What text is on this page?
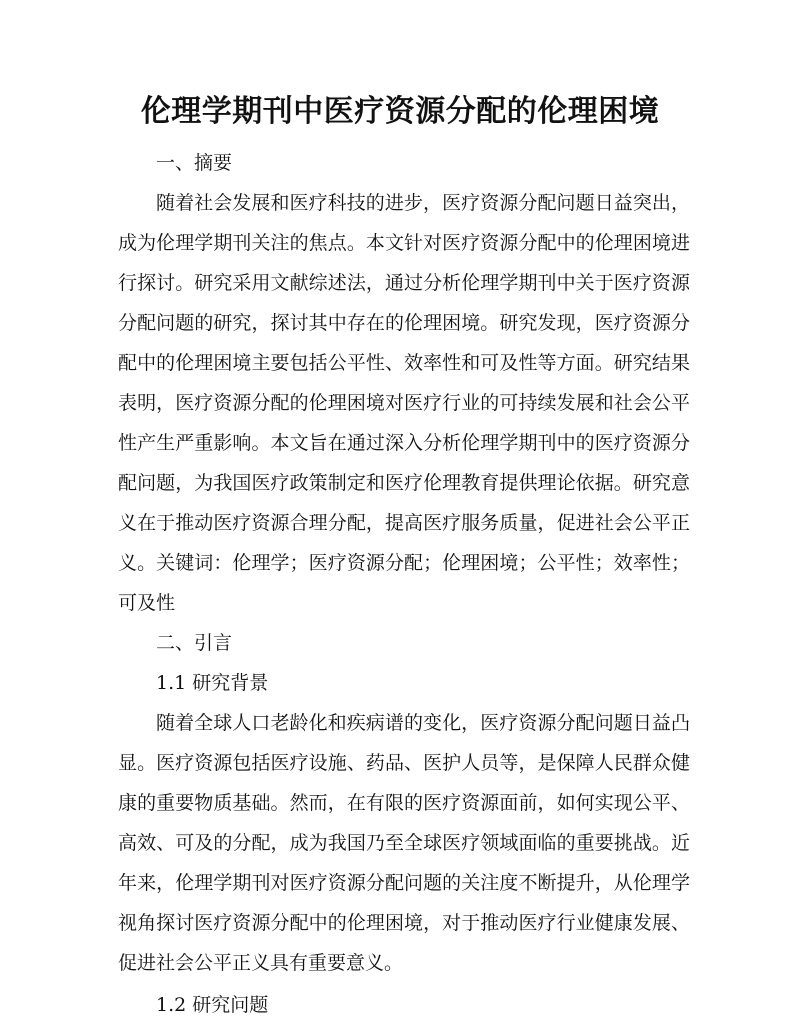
伦理学期刊中医疗资源分配的伦理困境

一、摘要

随着社会发展和医疗科技的进步，医疗资源分配问题日益突出，成为伦理学期刊关注的焦点。本文针对医疗资源分配中的伦理困境进行探讨。研究采用文献综述法，通过分析伦理学期刊中关于医疗资源分配问题的研究，探讨其中存在的伦理困境。研究发现，医疗资源分配中的伦理困境主要包括公平性、效率性和可及性等方面。研究结果表明，医疗资源分配的伦理困境对医疗行业的可持续发展和社会公平性产生严重影响。本文旨在通过深入分析伦理学期刊中的医疗资源分配问题，为我国医疗政策制定和医疗伦理教育提供理论依据。研究意义在于推动医疗资源合理分配，提高医疗服务质量，促进社会公平正义。关键词：伦理学；医疗资源分配；伦理困境；公平性；效率性；可及性

二、引言

1.1 研究背景

随着全球人口老龄化和疾病谱的变化，医疗资源分配问题日益凸显。医疗资源包括医疗设施、药品、医护人员等，是保障人民群众健康的重要物质基础。然而，在有限的医疗资源面前，如何实现公平、高效、可及的分配，成为我国乃至全球医疗领域面临的重要挑战。近年来，伦理学期刊对医疗资源分配问题的关注度不断提升，从伦理学视角探讨医疗资源分配中的伦理困境，对于推动医疗行业健康发展、促进社会公平正义具有重要意义。

1.2 研究问题
